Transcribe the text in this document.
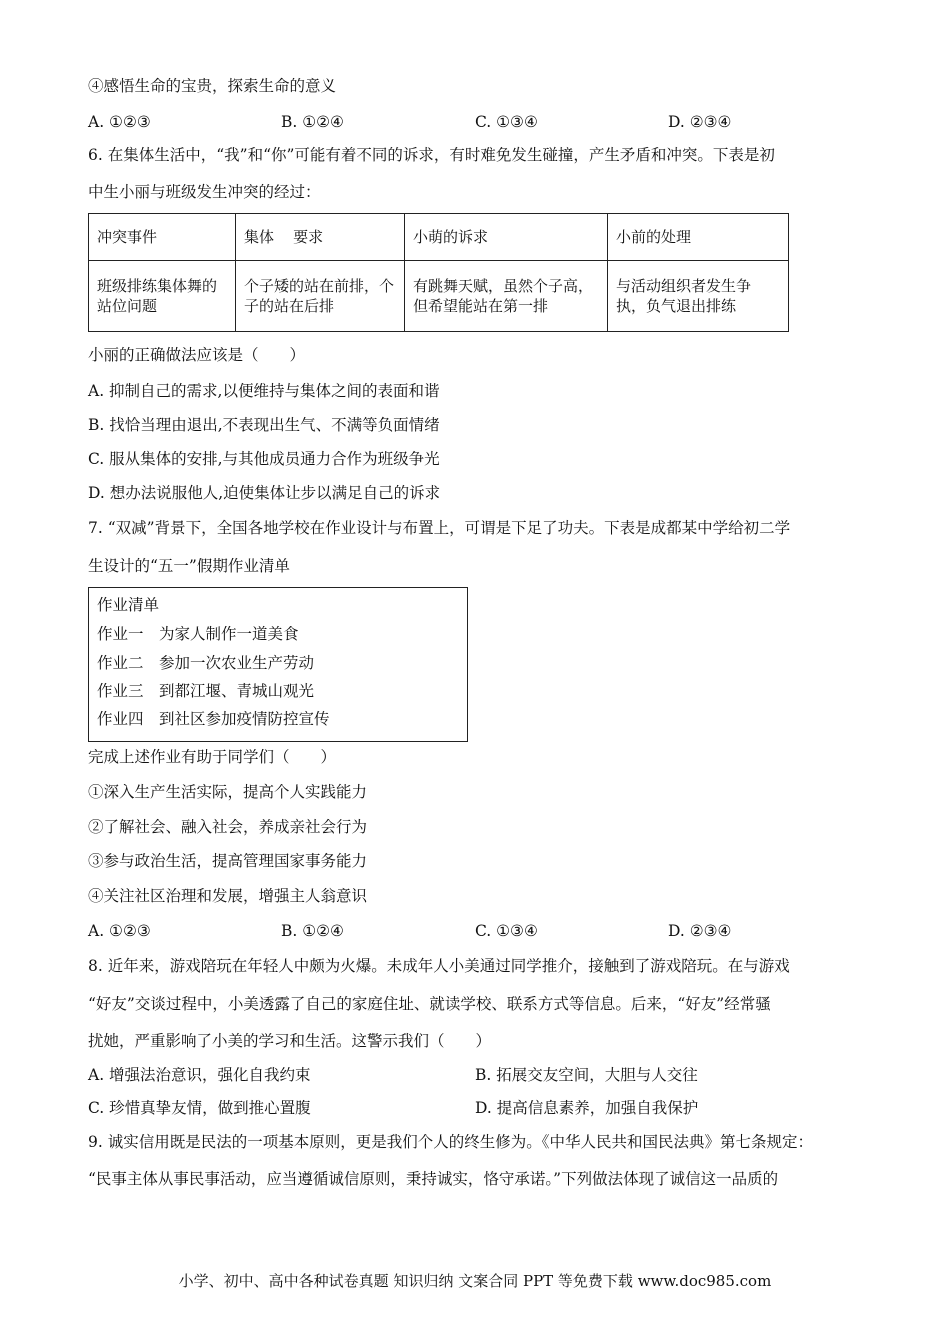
④感悟生命的宝贵，探索生命的意义
A. ①②③	B. ①②④	C. ①③④	D. ②③④
6. 在集体生活中，“我”和“你”可能有着不同的诉求，有时难免发生碰撞，产生矛盾和冲突。下表是初
中生小丽与班级发生冲突的经过：
冲突事件	集体    要求	小萌的诉求	小前的处理
班级排练集体舞的站位问题	个子矮的站在前排，个子的站在后排	有跳舞天赋，虽然个子高，但希望能站在第一排	与活动组织者发生争执，负气退出排练
小丽的正确做法应该是（　　）
A. 抑制自己的需求,以便维持与集体之间的表面和谐
B. 找恰当理由退出,不表现出生气、不满等负面情绪
C. 服从集体的安排,与其他成员通力合作为班级争光
D. 想办法说服他人,迫使集体让步以满足自己的诉求
7. “双减”背景下，全国各地学校在作业设计与布置上，可谓是下足了功夫。下表是成都某中学给初二学
生设计的“五一”假期作业清单
作业清单
作业一　为家人制作一道美食
作业二　参加一次农业生产劳动
作业三　到都江堰、青城山观光
作业四　到社区参加疫情防控宣传
完成上述作业有助于同学们（　　）
①深入生产生活实际，提高个人实践能力
②了解社会、融入社会，养成亲社会行为
③参与政治生活，提高管理国家事务能力
④关注社区治理和发展，增强主人翁意识
A. ①②③	B. ①②④	C. ①③④	D. ②③④
8. 近年来，游戏陪玩在年轻人中颇为火爆。未成年人小美通过同学推介，接触到了游戏陪玩。在与游戏
“好友”交谈过程中，小美透露了自己的家庭住址、就读学校、联系方式等信息。后来，“好友”经常骚
扰她，严重影响了小美的学习和生活。这警示我们（　　）
A. 增强法治意识，强化自我约束	B. 拓展交友空间，大胆与人交往
C. 珍惜真挚友情，做到推心置腹	D. 提高信息素养，加强自我保护
9. 诚实信用既是民法的一项基本原则，更是我们个人的终生修为。《中华人民共和国民法典》第七条规定：
“民事主体从事民事活动，应当遵循诚信原则，秉持诚实，恪守承诺。”下列做法体现了诚信这一品质的
小学、初中、高中各种试卷真题 知识归纳 文案合同 PPT 等免费下载 www.doc985.com
